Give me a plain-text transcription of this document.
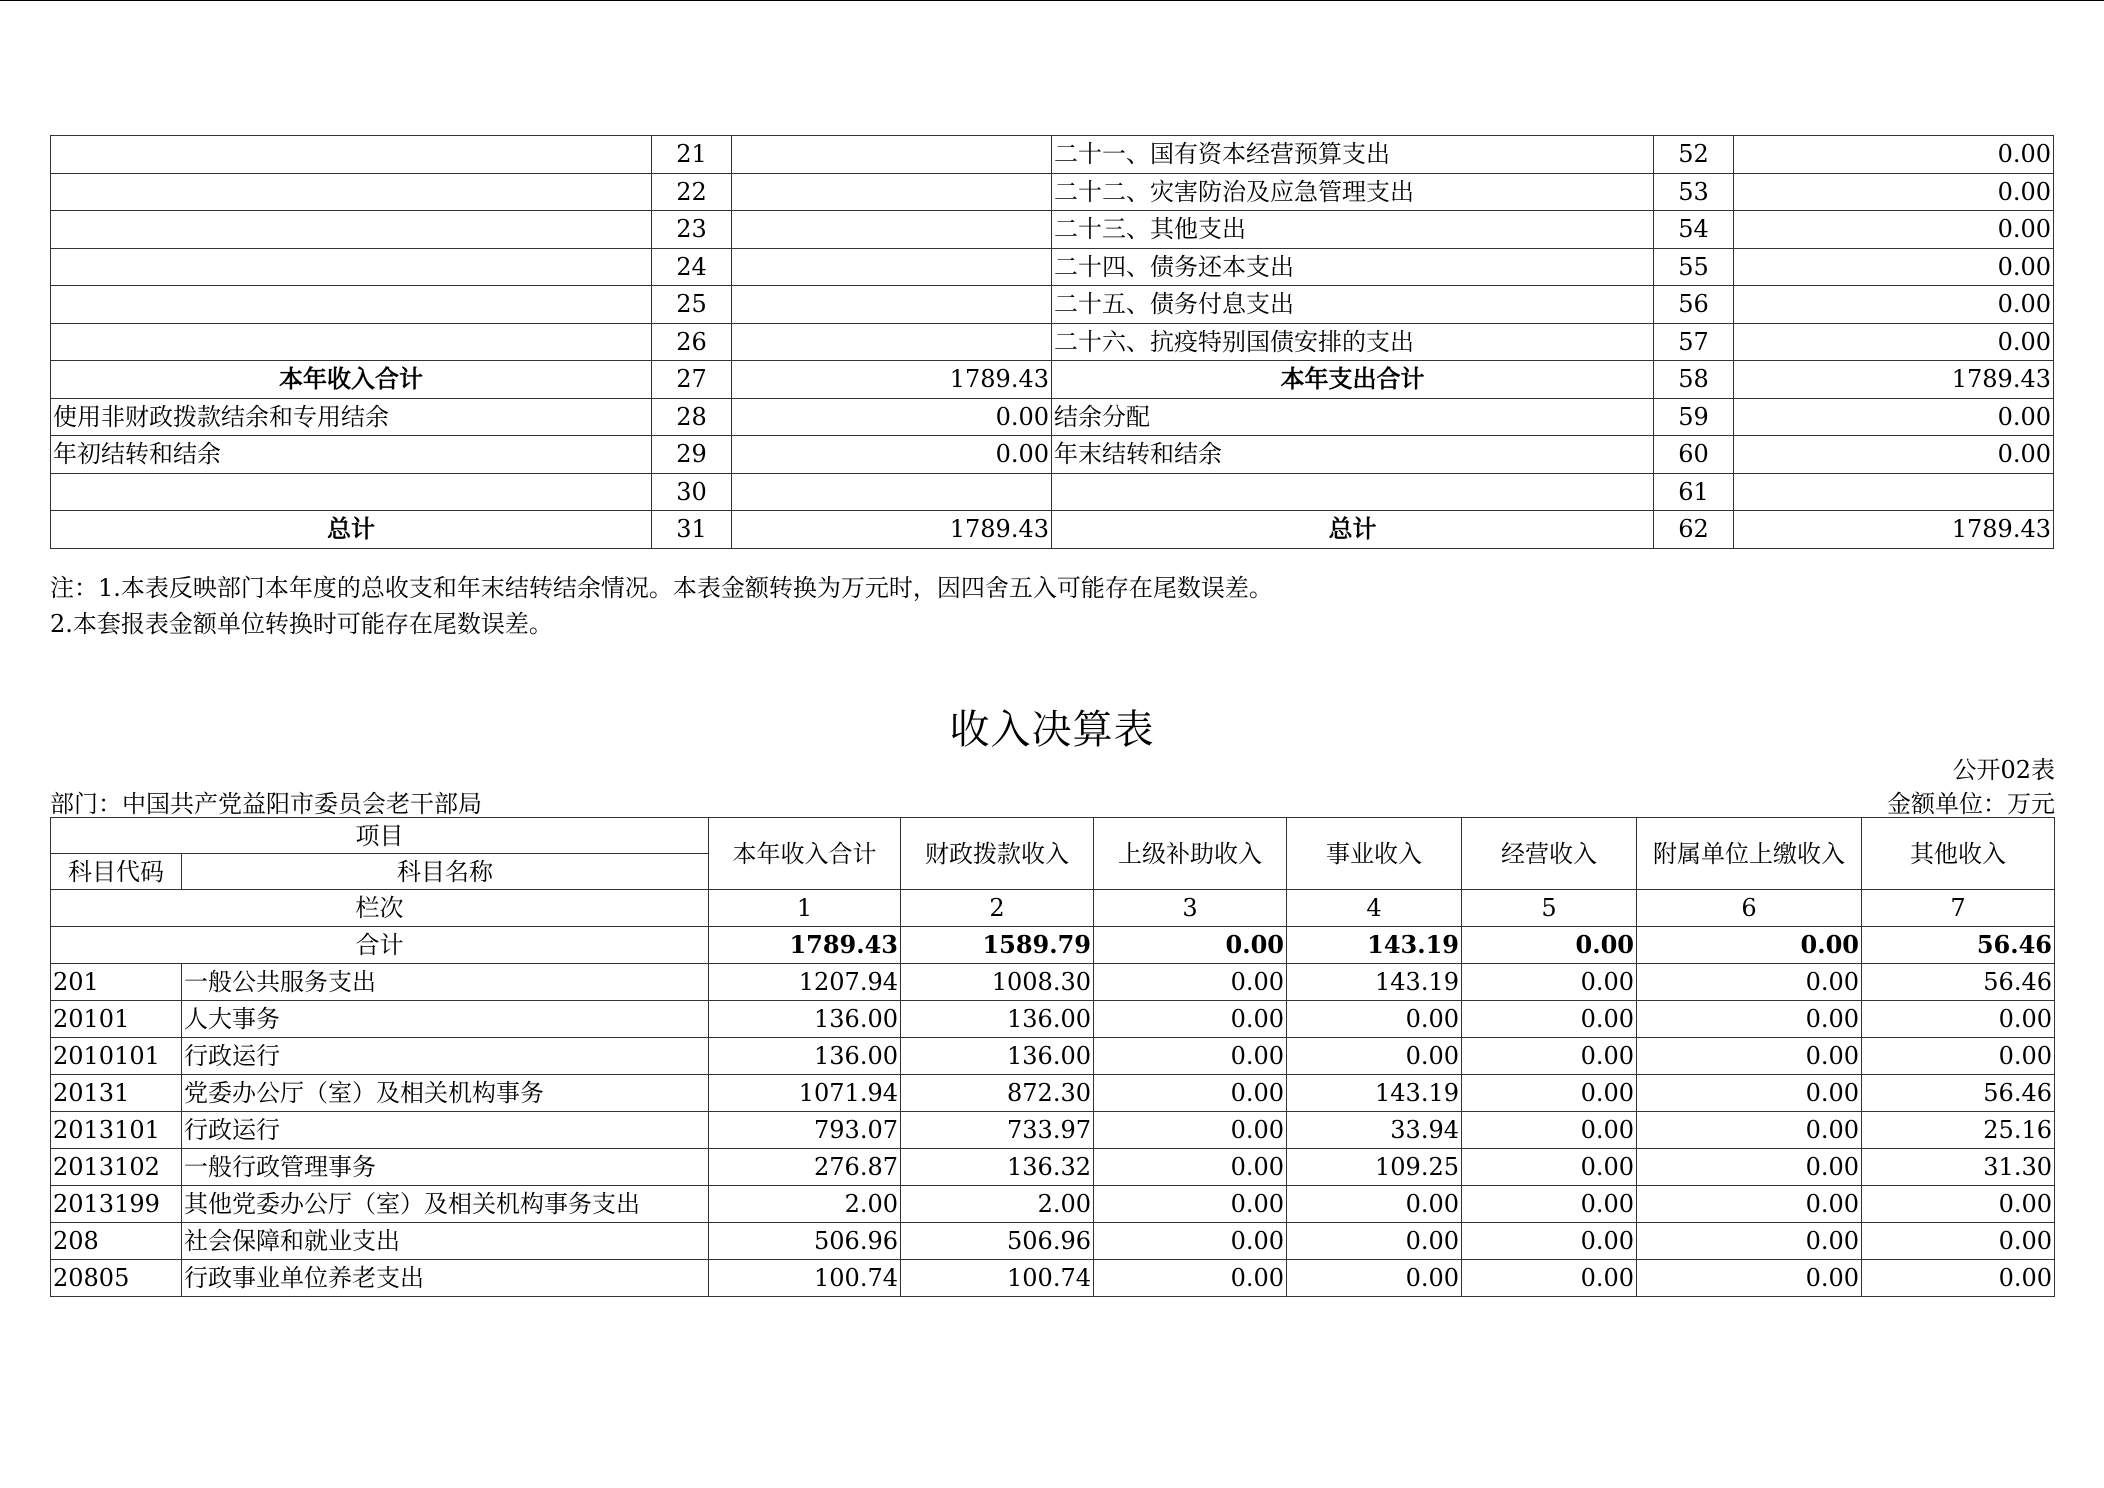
	21		二十一、国有资本经营预算支出	52	0.00
	22		二十二、灾害防治及应急管理支出	53	0.00
	23		二十三、其他支出	54	0.00
	24		二十四、债务还本支出	55	0.00
	25		二十五、债务付息支出	56	0.00
	26		二十六、抗疫特别国债安排的支出	57	0.00
本年收入合计	27	1789.43	本年支出合计	58	1789.43
使用非财政拨款结余和专用结余	28	0.00	结余分配	59	0.00
年初结转和结余	29	0.00	年末结转和结余	60	0.00
	30			61	
总计	31	1789.43	总计	62	1789.43
注：1.本表反映部门本年度的总收支和年末结转结余情况。本表金额转换为万元时，因四舍五入可能存在尾数误差。
2.本套报表金额单位转换时可能存在尾数误差。
收入决算表
公开02表
部门：中国共产党益阳市委员会老干部局	金额单位：万元
项目		本年收入合计	财政拨款收入	上级补助收入	事业收入	经营收入	附属单位上缴收入	其他收入
科目代码	科目名称							
栏次		1	2	3	4	5	6	7
合计		1789.43	1589.79	0.00	143.19	0.00	0.00	56.46
201	一般公共服务支出	1207.94	1008.30	0.00	143.19	0.00	0.00	56.46
20101	人大事务	136.00	136.00	0.00	0.00	0.00	0.00	0.00
2010101	行政运行	136.00	136.00	0.00	0.00	0.00	0.00	0.00
20131	党委办公厅（室）及相关机构事务	1071.94	872.30	0.00	143.19	0.00	0.00	56.46
2013101	行政运行	793.07	733.97	0.00	33.94	0.00	0.00	25.16
2013102	一般行政管理事务	276.87	136.32	0.00	109.25	0.00	0.00	31.30
2013199	其他党委办公厅（室）及相关机构事务支出	2.00	2.00	0.00	0.00	0.00	0.00	0.00
208	社会保障和就业支出	506.96	506.96	0.00	0.00	0.00	0.00	0.00
20805	行政事业单位养老支出	100.74	100.74	0.00	0.00	0.00	0.00	0.00
